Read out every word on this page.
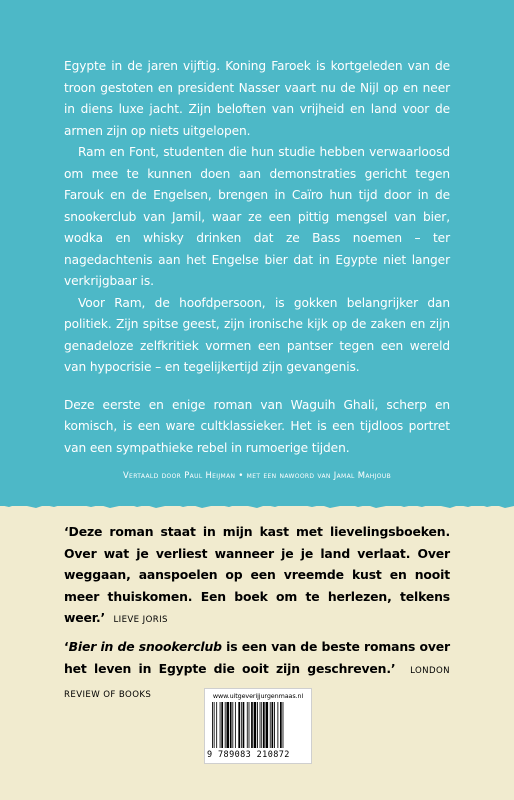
Egypte in de jaren vijftig. Koning Faroek is kortgeleden van de troon gestoten en president Nasser vaart nu de Nijl op en neer in diens luxe jacht. Zijn beloften van vrijheid en land voor de armen zijn op niets uitgelopen.

Ram en Font, studenten die hun studie hebben verwaarloosd om mee te kunnen doen aan demonstraties gericht tegen Farouk en de Engelsen, brengen in Caïro hun tijd door in de snookerclub van Jamil, waar ze een pittig mengsel van bier, wodka en whisky drinken dat ze Bass noemen – ter nagedachtenis aan het Engelse bier dat in Egypte niet langer verkrijgbaar is.

Voor Ram, de hoofdpersoon, is gokken belangrijker dan politiek. Zijn spitse geest, zijn ironische kijk op de zaken en zijn genadeloze zelfkritiek vormen een pantser tegen een wereld van hypocrisie – en tegelijkertijd zijn gevangenis.

Deze eerste en enige roman van Waguih Ghali, scherp en komisch, is een ware cultklassieker. Het is een tijdloos portret van een sympathieke rebel in rumoerige tijden.

Vertaald door Paul Heijman • met een nawoord van Jamal Mahjoub
‘Deze roman staat in mijn kast met lievelingsboeken. Over wat je verliest wanneer je je land verlaat. Over weggaan, aanspoelen op een vreemde kust en nooit meer thuiskomen. Een boek om te herlezen, telkens weer.’ LIEVE JORIS
‘Bier in de snookerclub is een van de beste romans over het leven in Egypte die ooit zijn geschreven.’ LONDON REVIEW OF BOOKS	www.uitgeverijjurgenmaas.nl
9 789083 210872
